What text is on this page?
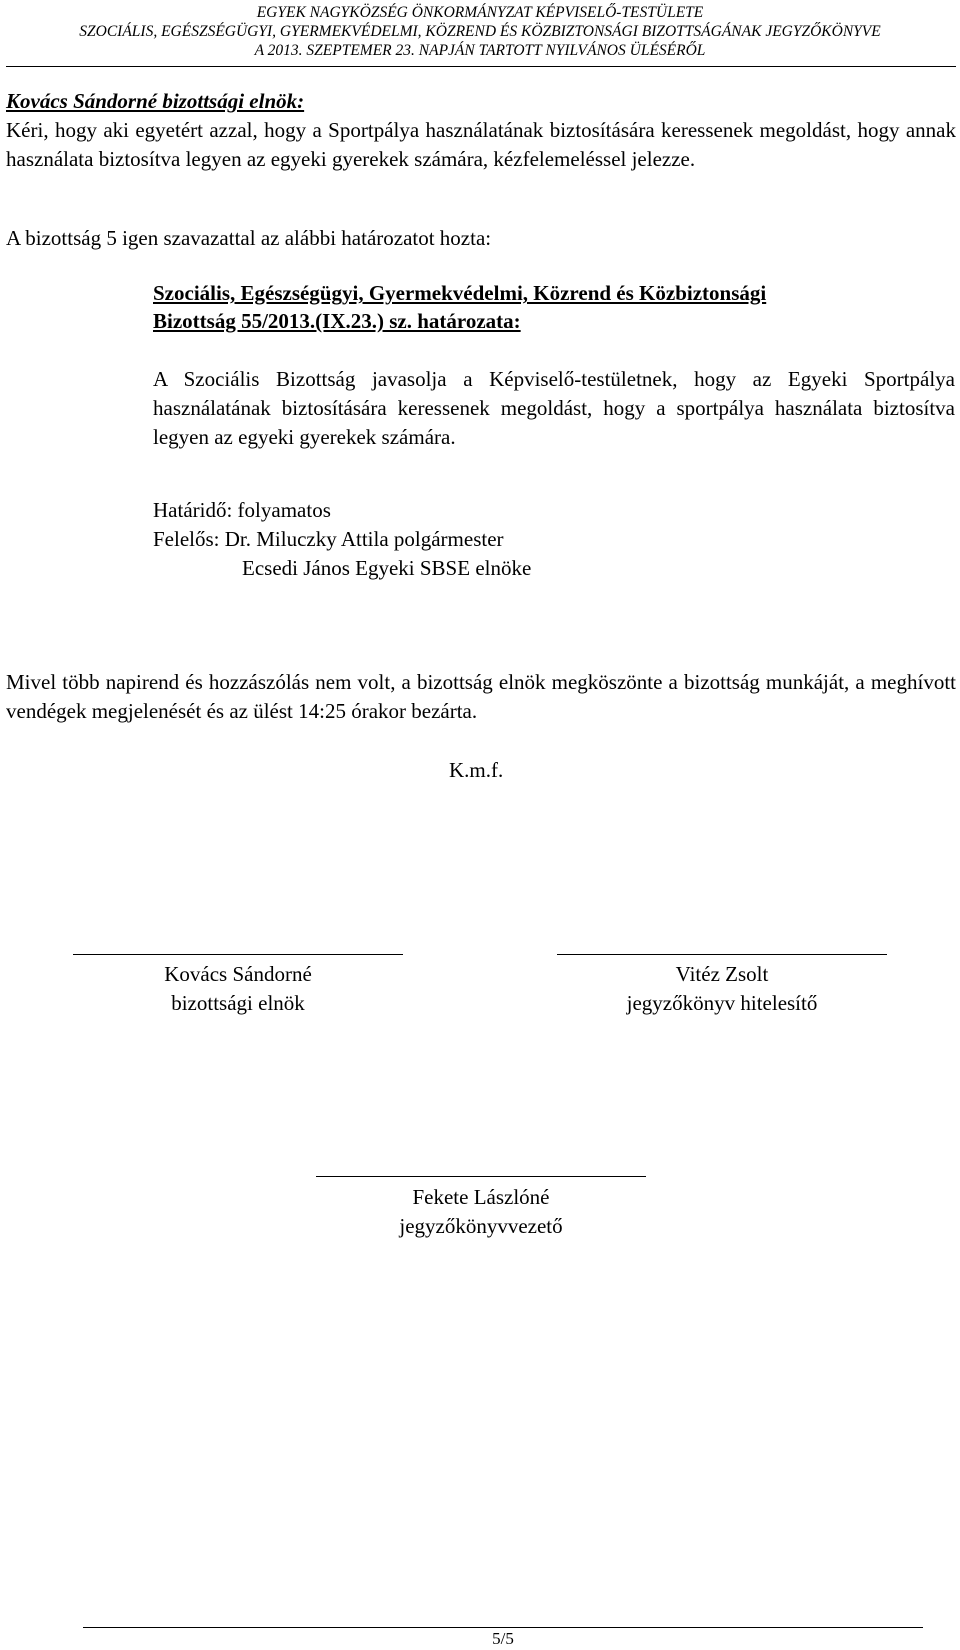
EGYEK NAGYKÖZSÉG ÖNKORMÁNYZAT KÉPVISELŐ-TESTÜLETE
SZOCIÁLIS, EGÉSZSÉGÜGYI, GYERMEKVÉDELMI, KÖZREND ÉS KÖZBIZTONSÁGI BIZOTTSÁGÁNAK JEGYZŐKÖNYVE
A 2013. SZEPTEMER 23. NAPJÁN TARTOTT NYILVÁNOS ÜLÉSÉRŐL

Kovács Sándorné bizottsági elnök:

Kéri, hogy aki egyetért azzal, hogy a Sportpálya használatának biztosítására keressenek megoldást, hogy annak használata biztosítva legyen az egyeki gyerekek számára, kézfelemeléssel jelezze.

A bizottság 5 igen szavazattal az alábbi határozatot hozta:

Szociális, Egészségügyi, Gyermekvédelmi, Közrend és Közbiztonsági

Bizottság 55/2013.(IX.23.) sz. határozata:

A Szociális Bizottság javasolja a Képviselő-testületnek, hogy az Egyeki Sportpálya használatának biztosítására keressenek megoldást, hogy a sportpálya használata biztosítva legyen az egyeki gyerekek számára.

Határidő: folyamatos

Felelős: Dr. Miluczky Attila polgármester

Ecsedi János Egyeki SBSE elnöke

Mivel több napirend és hozzászólás nem volt, a bizottság elnök megköszönte a bizottság munkáját, a meghívott vendégek megjelenését és az ülést 14:25 órakor bezárta.

K.m.f.

Kovács Sándorné
bizottsági elnök
Vitéz Zsolt
jegyzőkönyv hitelesítő
Fekete Lászlóné
jegyzőkönyvvezető
5/5
